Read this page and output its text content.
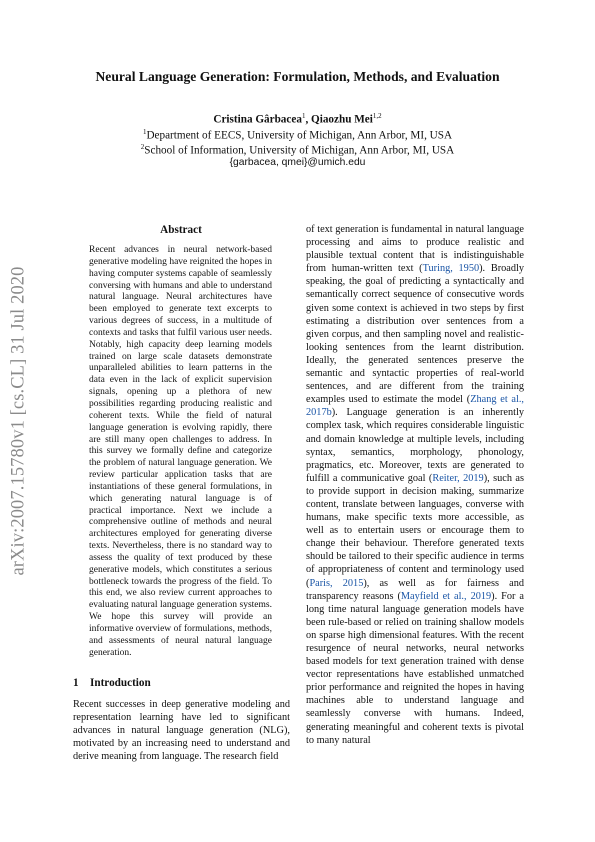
Neural Language Generation: Formulation, Methods, and Evaluation
Cristina Gârbacea$^1$, Qiaozhu Mei$^{1,2}$
$^1$Department of EECS, University of Michigan, Ann Arbor, MI, USA
$^2$School of Information, University of Michigan, Ann Arbor, MI, USA
{garbacea, qmei}@umich.edu
arXiv:2007.15780v1 [cs.CL] 31 Jul 2020
Abstract
Recent advances in neural network-based generative modeling have reignited the hopes in having computer systems capable of seamlessly conversing with humans and able to understand natural language. Neural architectures have been employed to generate text excerpts to various degrees of success, in a multitude of contexts and tasks that fulfil various user needs. Notably, high capacity deep learning models trained on large scale datasets demonstrate unparalleled abilities to learn patterns in the data even in the lack of explicit supervision signals, opening up a plethora of new possibilities regarding producing realistic and coherent texts. While the field of natural language generation is evolving rapidly, there are still many open challenges to address. In this survey we formally define and categorize the problem of natural language generation. We review particular application tasks that are instantiations of these general formulations, in which generating natural language is of practical importance. Next we include a comprehensive outline of methods and neural architectures employed for generating diverse texts. Nevertheless, there is no standard way to assess the quality of text produced by these generative models, which constitutes a serious bottleneck towards the progress of the field. To this end, we also review current approaches to evaluating natural language generation systems. We hope this survey will provide an informative overview of formulations, methods, and assessments of neural natural language generation.
1 Introduction
Recent successes in deep generative modeling and representation learning have led to significant advances in natural language generation (NLG), motivated by an increasing need to understand and derive meaning from language. The research field
of text generation is fundamental in natural language processing and aims to produce realistic and plausible textual content that is indistinguishable from human-written text (Turing, 1950). Broadly speaking, the goal of predicting a syntactically and semantically correct sequence of consecutive words given some context is achieved in two steps by first estimating a distribution over sentences from a given corpus, and then sampling novel and realistic-looking sentences from the learnt distribution. Ideally, the generated sentences preserve the semantic and syntactic properties of real-world sentences, and are different from the training examples used to estimate the model (Zhang et al., 2017b). Language generation is an inherently complex task, which requires considerable linguistic and domain knowledge at multiple levels, including syntax, semantics, morphology, phonology, pragmatics, etc. Moreover, texts are generated to fulfill a communicative goal (Reiter, 2019), such as to provide support in decision making, summarize content, translate between languages, converse with humans, make specific texts more accessible, as well as to entertain users or encourage them to change their behaviour. Therefore generated texts should be tailored to their specific audience in terms of appropriateness of content and terminology used (Paris, 2015), as well as for fairness and transparency reasons (Mayfield et al., 2019). For a long time natural language generation models have been rule-based or relied on training shallow models on sparse high dimensional features. With the recent resurgence of neural networks, neural networks based models for text generation trained with dense vector representations have established unmatched prior performance and reignited the hopes in having machines able to understand language and seamlessly converse with humans. Indeed, generating meaningful and coherent texts is pivotal to many natural
